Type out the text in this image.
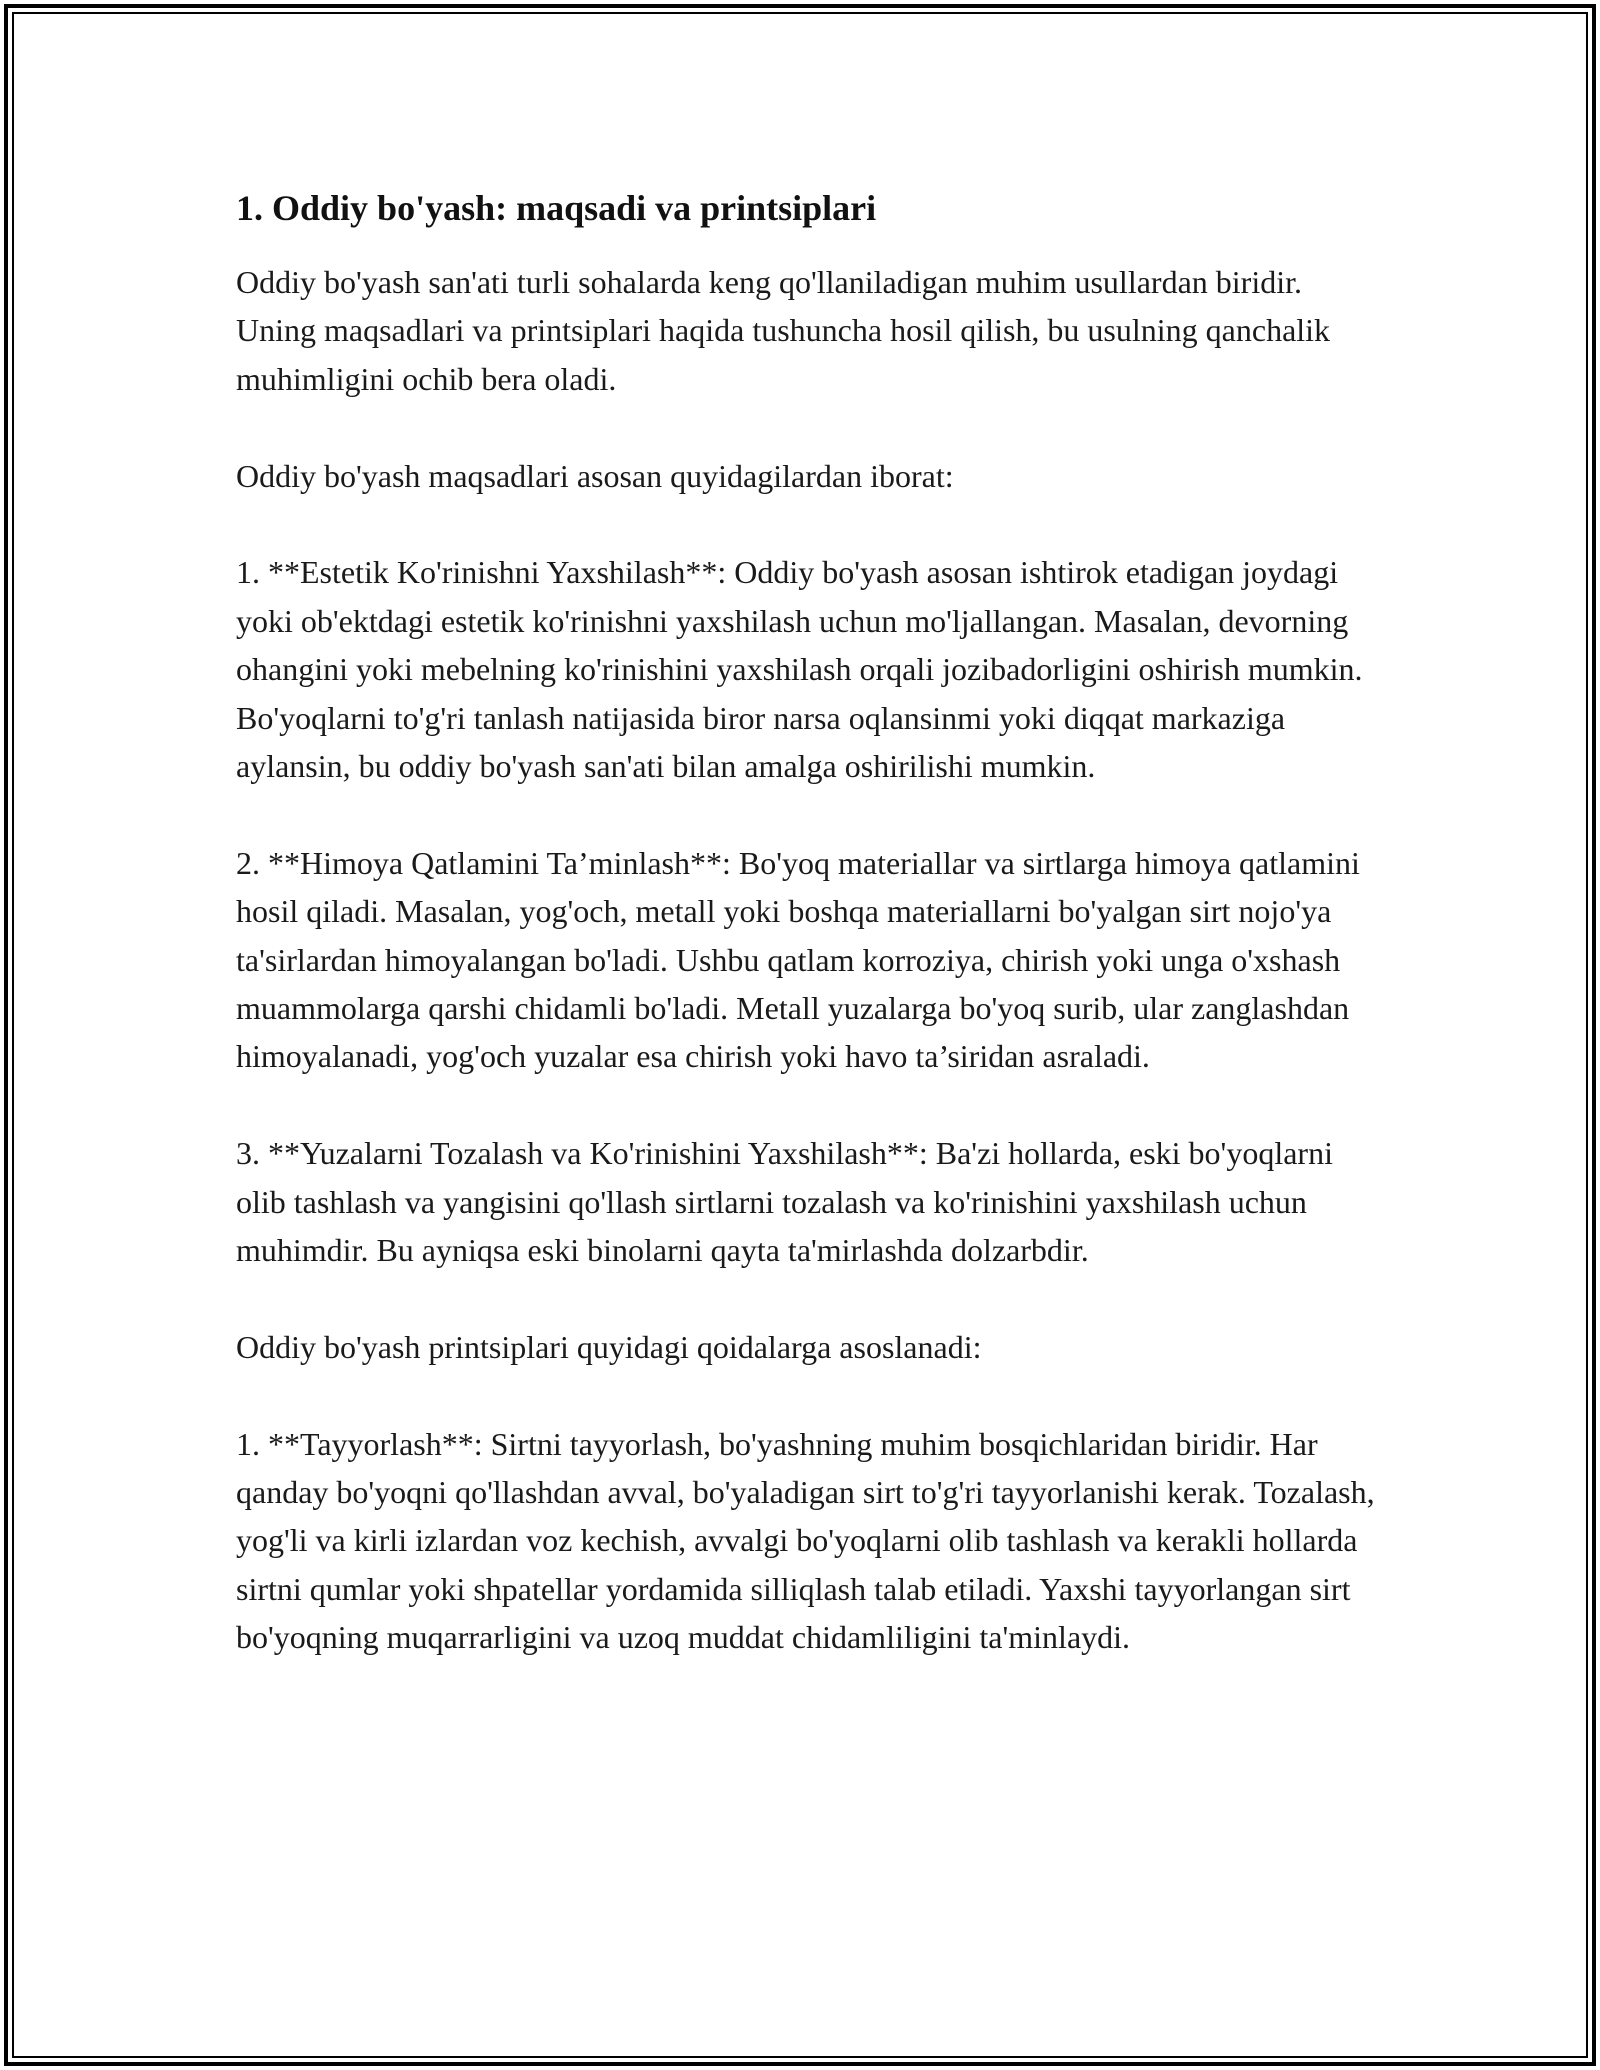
1. Oddiy bo'yash: maqsadi va printsiplari

Oddiy bo'yash san'ati turli sohalarda keng qo'llaniladigan muhim usullardan biridir. Uning maqsadlari va printsiplari haqida tushuncha hosil qilish, bu usulning qanchalik muhimligini ochib bera oladi.

Oddiy bo'yash maqsadlari asosan quyidagilardan iborat:

1. **Estetik Ko'rinishni Yaxshilash**: Oddiy bo'yash asosan ishtirok etadigan joydagi yoki ob'ektdagi estetik ko'rinishni yaxshilash uchun mo'ljallangan. Masalan, devorning ohangini yoki mebelning ko'rinishini yaxshilash orqali jozibadorligini oshirish mumkin. Bo'yoqlarni to'g'ri tanlash natijasida biror narsa oqlansinmi yoki diqqat markaziga aylansin, bu oddiy bo'yash san'ati bilan amalga oshirilishi mumkin.

2. **Himoya Qatlamini Ta’minlash**: Bo'yoq materiallar va sirtlarga himoya qatlamini hosil qiladi. Masalan, yog'och, metall yoki boshqa materiallarni bo'yalgan sirt nojo'ya ta'sirlardan himoyalangan bo'ladi. Ushbu qatlam korroziya, chirish yoki unga o'xshash muammolarga qarshi chidamli bo'ladi. Metall yuzalarga bo'yoq surib, ular zanglashdan himoyalanadi, yog'och yuzalar esa chirish yoki havo ta’siridan asraladi.

3. **Yuzalarni Tozalash va Ko'rinishini Yaxshilash**: Ba'zi hollarda, eski bo'yoqlarni olib tashlash va yangisini qo'llash sirtlarni tozalash va ko'rinishini yaxshilash uchun muhimdir. Bu ayniqsa eski binolarni qayta ta'mirlashda dolzarbdir.

Oddiy bo'yash printsiplari quyidagi qoidalarga asoslanadi:

1. **Tayyorlash**: Sirtni tayyorlash, bo'yashning muhim bosqichlaridan biridir. Har qanday bo'yoqni qo'llashdan avval, bo'yaladigan sirt to'g'ri tayyorlanishi kerak. Tozalash, yog'li va kirli izlardan voz kechish, avvalgi bo'yoqlarni olib tashlash va kerakli hollarda sirtni qumlar yoki shpatellar yordamida silliqlash talab etiladi. Yaxshi tayyorlangan sirt bo'yoqning muqarrarligini va uzoq muddat chidamliligini ta'minlaydi.
